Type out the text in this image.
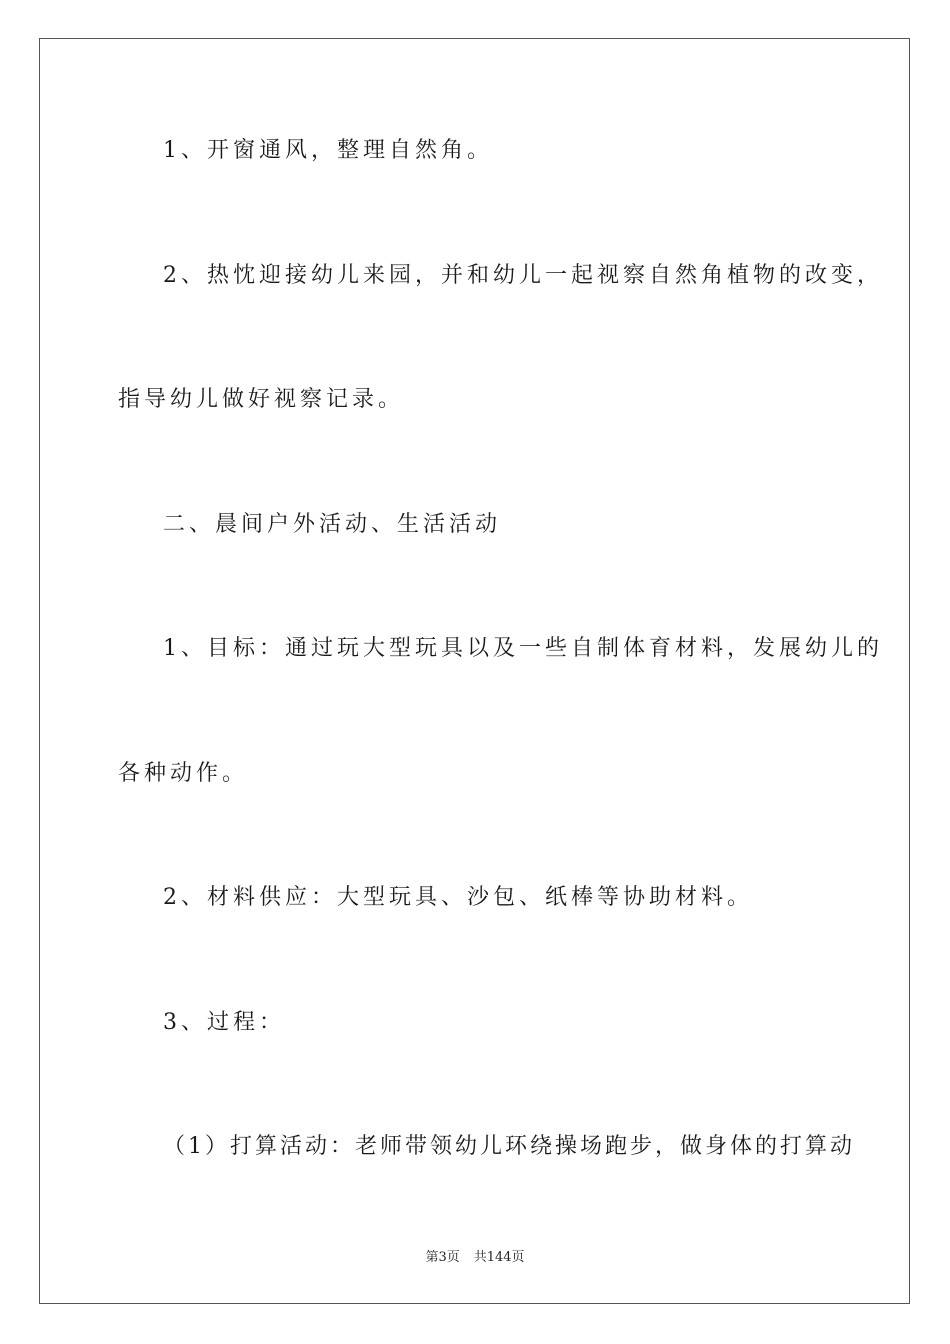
1、开窗通风，整理自然角。
2、热忱迎接幼儿来园，并和幼儿一起视察自然角植物的改变，
指导幼儿做好视察记录。
二、晨间户外活动、生活活动
1、目标：通过玩大型玩具以及一些自制体育材料，发展幼儿的
各种动作。
2、材料供应：大型玩具、沙包、纸棒等协助材料。
3、过程：
（1）打算活动：老师带领幼儿环绕操场跑步，做身体的打算动
第3页 共144页
